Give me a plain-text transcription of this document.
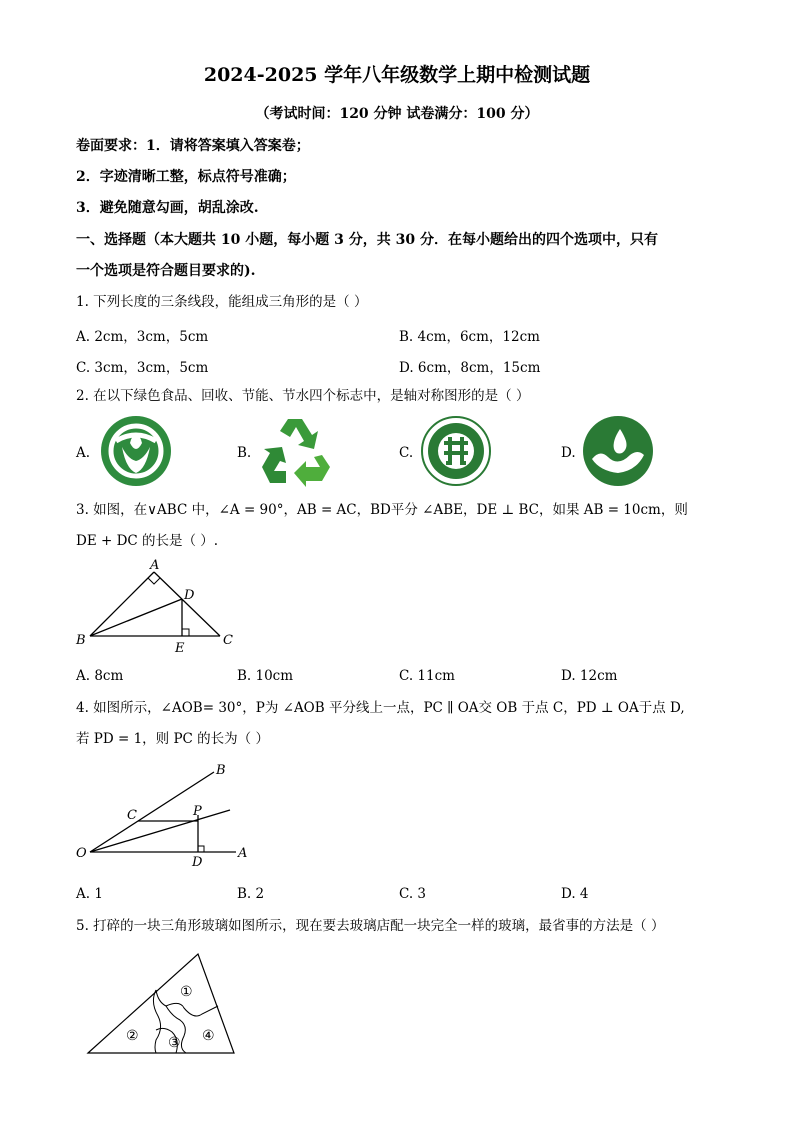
2024-2025 学年八年级数学上期中检测试题
（考试时间：120 分钟 试卷满分：100 分）
卷面要求：1．请将答案填入答案卷；
2．字迹清晰工整，标点符号准确；
3．避免随意勾画，胡乱涂改.
一、选择题（本大题共 10 小题，每小题 3 分，共 30 分．在每小题给出的四个选项中，只有
一个选项是符合题目要求的).
1. 下列长度的三条线段，能组成三角形的是（ ）
A. 2cm，3cm，5cm	B. 4cm，6cm，12cm
C. 3cm，3cm，5cm	D. 6cm，8cm，15cm
2. 在以下绿色食品、回收、节能、节水四个标志中，是轴对称图形的是（ ）
A.	B.	C.	D.
3. 如图，在∨ABC 中，∠A = 90°，AB = AC，BD平分 ∠ABE，DE ⊥ BC，如果 AB = 10cm，则
DE + DC 的长是（ ）.
A
B	C
D
E
A. 8cm	B. 10cm	C. 11cm	D. 12cm
4. 如图所示，∠AOB= 30°，P为 ∠AOB 平分线上一点，PC ∥ OA交 OB 于点 C，PD ⊥ OA于点 D,
若 PD = 1，则 PC 的长为（ ）
B
C	P
O	A
D
A. 1	B. 2	C. 3	D. 4
5. 打碎的一块三角形玻璃如图所示，现在要去玻璃店配一块完全一样的玻璃，最省事的方法是（ ）
①
② ③ ④
